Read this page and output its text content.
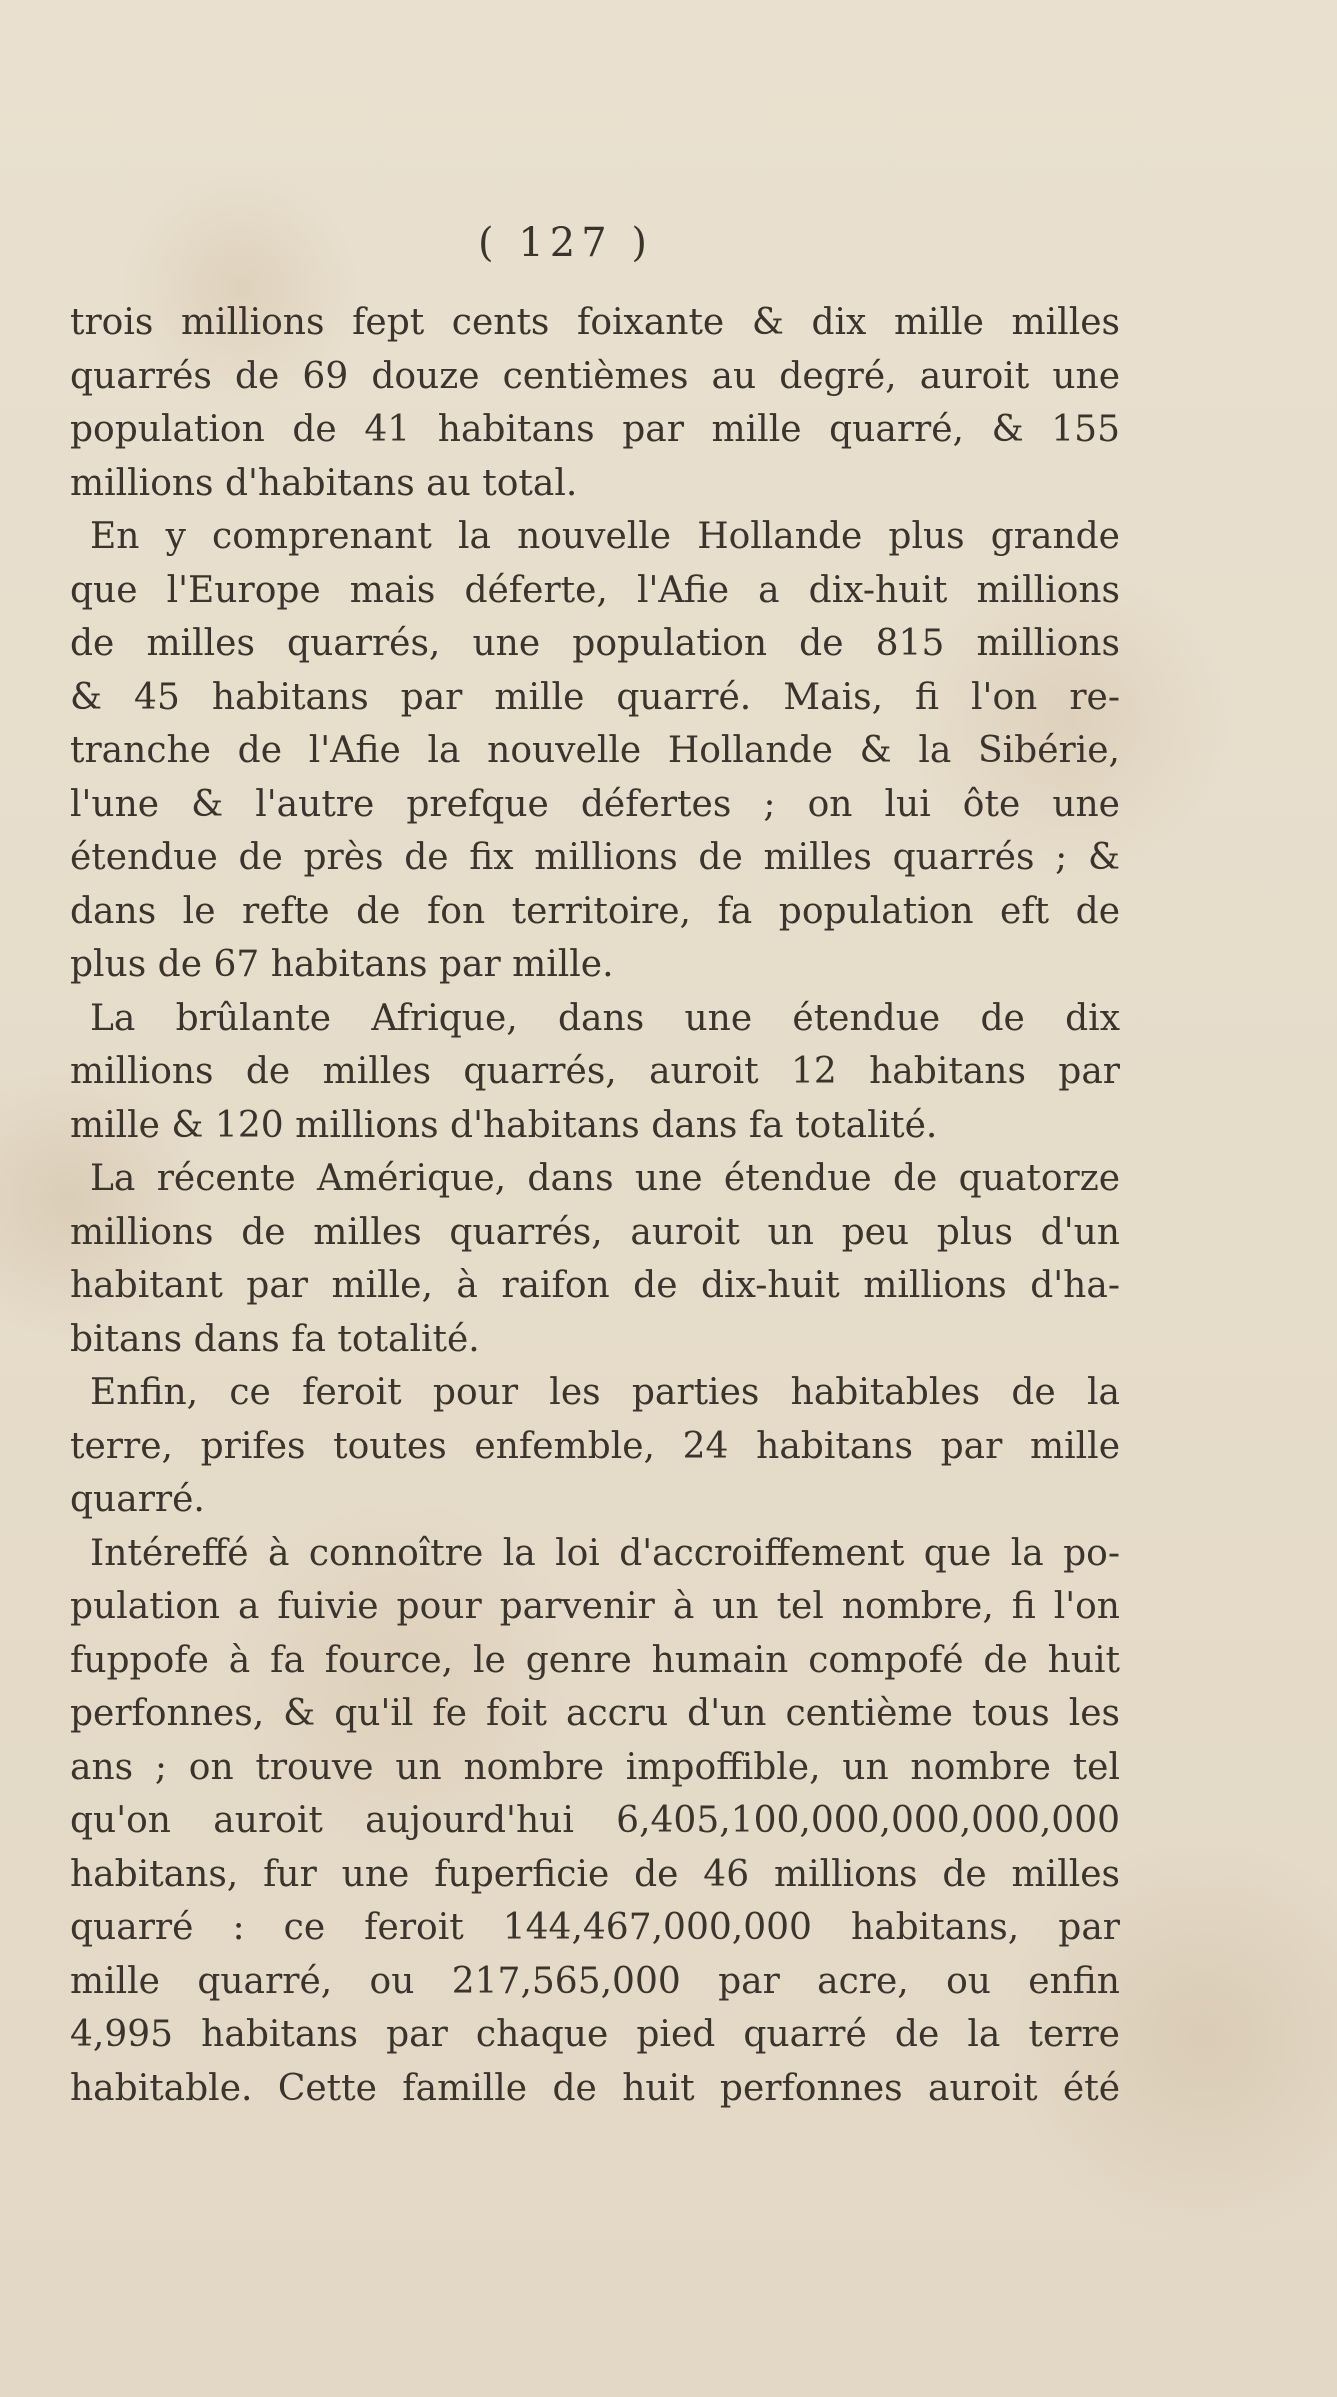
( 127 )
trois millions fept cents foixante & dix mille milles
quarrés de 69 douze centièmes au degré, auroit une
population de 41 habitans par mille quarré, & 155
millions d'habitans au total.
En y comprenant la nouvelle Hollande plus grande
que l'Europe mais déferte, l'Afie a dix-huit millions
de milles quarrés, une population de 815 millions
& 45 habitans par mille quarré. Mais, fi l'on re-
tranche de l'Afie la nouvelle Hollande & la Sibérie,
l'une & l'autre prefque défertes ; on lui ôte une
étendue de près de fix millions de milles quarrés ; &
dans le refte de fon territoire, fa population eft de
plus de 67 habitans par mille.
La brûlante Afrique, dans une étendue de dix
millions de milles quarrés, auroit 12 habitans par
mille & 120 millions d'habitans dans fa totalité.
La récente Amérique, dans une étendue de quatorze
millions de milles quarrés, auroit un peu plus d'un
habitant par mille, à raifon de dix-huit millions d'ha-
bitans dans fa totalité.
Enfin, ce feroit pour les parties habitables de la
terre, prifes toutes enfemble, 24 habitans par mille
quarré.
Intéreffé à connoître la loi d'accroiffement que la po-
pulation a fuivie pour parvenir à un tel nombre, fi l'on
fuppofe à fa fource, le genre humain compofé de huit
perfonnes, & qu'il fe foit accru d'un centième tous les
ans ; on trouve un nombre impoffible, un nombre tel
qu'on auroit aujourd'hui 6,405,100,000,000,000,000
habitans, fur une fuperficie de 46 millions de milles
quarré : ce feroit 144,467,000,000 habitans, par
mille quarré, ou 217,565,000 par acre, ou enfin
4,995 habitans par chaque pied quarré de la terre
habitable. Cette famille de huit perfonnes auroit été
